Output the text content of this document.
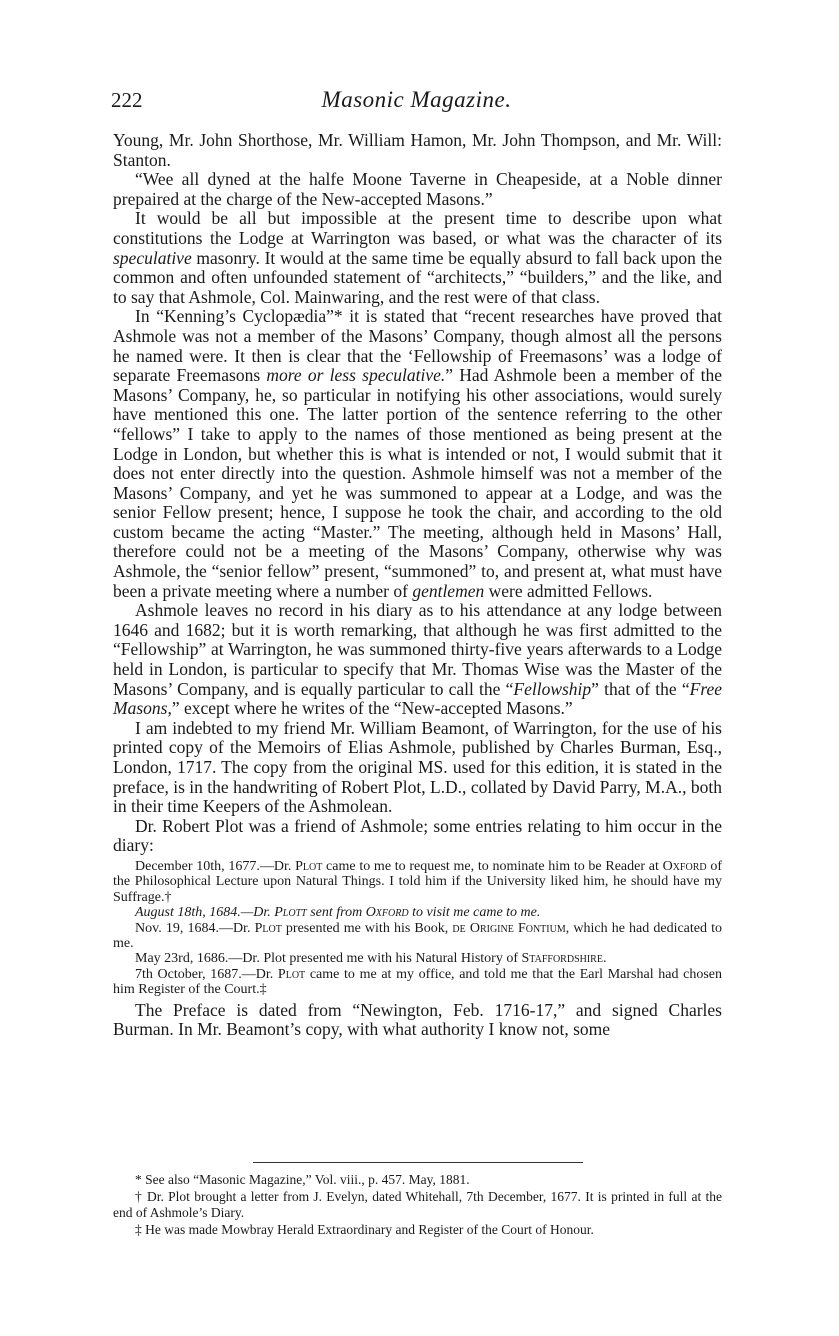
222	Masonic Magazine.

Young, Mr. John Shorthose, Mr. William Hamon, Mr. John Thompson, and Mr. Will: Stanton.

“Wee all dyned at the halfe Moone Taverne in Cheapeside, at a Noble dinner prepaired at the charge of the New-accepted Masons.”

It would be all but impossible at the present time to describe upon what constitutions the Lodge at Warrington was based, or what was the character of its speculative masonry. It would at the same time be equally absurd to fall back upon the common and often unfounded statement of “architects,” “builders,” and the like, and to say that Ashmole, Col. Mainwaring, and the rest were of that class.

In “Kenning’s Cyclopædia”* it is stated that “recent researches have proved that Ashmole was not a member of the Masons’ Company, though almost all the persons he named were. It then is clear that the ‘Fellowship of Freemasons’ was a lodge of separate Freemasons more or less speculative.” Had Ashmole been a member of the Masons’ Company, he, so particular in notifying his other associations, would surely have mentioned this one. The latter portion of the sentence referring to the other “fellows” I take to apply to the names of those mentioned as being present at the Lodge in London, but whether this is what is intended or not, I would submit that it does not enter directly into the question. Ashmole himself was not a member of the Masons’ Company, and yet he was summoned to appear at a Lodge, and was the senior Fellow present; hence, I suppose he took the chair, and according to the old custom became the acting “Master.” The meeting, although held in Masons’ Hall, therefore could not be a meeting of the Masons’ Company, otherwise why was Ashmole, the “senior fellow” present, “summoned” to, and present at, what must have been a private meeting where a number of gentlemen were admitted Fellows.

Ashmole leaves no record in his diary as to his attendance at any lodge between 1646 and 1682; but it is worth remarking, that although he was first admitted to the “Fellowship” at Warrington, he was summoned thirty-five years afterwards to a Lodge held in London, is particular to specify that Mr. Thomas Wise was the Master of the Masons’ Company, and is equally particular to call the “Fellowship” that of the “Free Masons,” except where he writes of the “New-accepted Masons.”

I am indebted to my friend Mr. William Beamont, of Warrington, for the use of his printed copy of the Memoirs of Elias Ashmole, published by Charles Burman, Esq., London, 1717. The copy from the original MS. used for this edition, it is stated in the preface, is in the handwriting of Robert Plot, L.D., collated by David Parry, M.A., both in their time Keepers of the Ashmolean.

Dr. Robert Plot was a friend of Ashmole; some entries relating to him occur in the diary:

December 10th, 1677.—Dr. Plot came to me to request me, to nominate him to be Reader at Oxford of the Philosophical Lecture upon Natural Things. I told him if the University liked him, he should have my Suffrage.†

August 18th, 1684.—Dr. Plott sent from Oxford to visit me came to me.

Nov. 19, 1684.—Dr. Plot presented me with his Book, de Origine Fontium, which he had dedicated to me.

May 23rd, 1686.—Dr. Plot presented me with his Natural History of Staffordshire.

7th October, 1687.—Dr. Plot came to me at my office, and told me that the Earl Marshal had chosen him Register of the Court.‡

The Preface is dated from “Newington, Feb. 1716-17,” and signed Charles Burman. In Mr. Beamont’s copy, with what authority I know not, some

* See also “Masonic Magazine,” Vol. viii., p. 457. May, 1881.

† Dr. Plot brought a letter from J. Evelyn, dated Whitehall, 7th December, 1677. It is printed in full at the end of Ashmole’s Diary.

‡ He was made Mowbray Herald Extraordinary and Register of the Court of Honour.
